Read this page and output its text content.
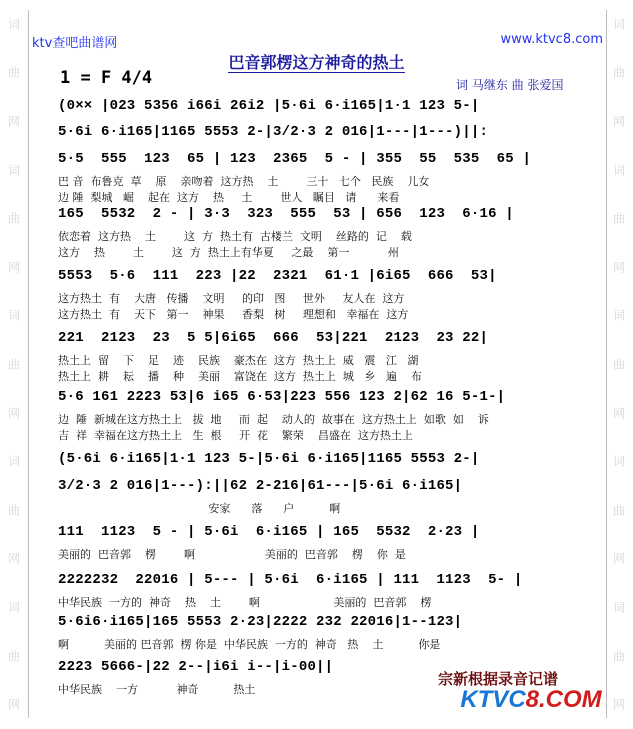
词
曲
网
词
曲
网
词
曲
网
词
曲
网
词
曲
网
词
曲
网
词
曲
网
词
曲
网
词
曲
网
词
曲
网
ktv查吧曲谱网	www.ktvc8.com
巴音郭楞这方神奇的热土
1 = F 4/4	词 马继东 曲 张爱国
(0×× |023 5356 i66i 26i2 |5·6i 6·i165|1·1 123 5-|
5·6i 6·i165|1165 5553 2-|3/2·3 2 016|1---|1---)||:
5·5  555  123  65 | 123  2365  5 - | 355  55  535  65 |
巴 音  布鲁克  草    原    亲吻着  这方热    土        三十   七个   民族    儿女
边 陲  梨城   崛    起在  这方    热     土        世人   瞩目   请      来看
165  5532  2 - | 3·3  323  555  53 | 656  123  6·16 |
依恋着  这方热    土        这  方  热土有  古楼兰  文明    丝路的  记    载
这方    热        土        这  方  热土上有华夏     之最    第一           州
5553  5·6  111  223 |22  2321  61·1 |6i65  666  53|
这方热土  有    大唐   传播    文明     的印   图     世外     友人在  这方
这方热土  有    天下   第一    神果     香梨   树     理想和   幸福在  这方
221  2123  23  5 5|6i65  666  53|221  2123  23 22|
热土上  留    下    足    迹    民族    豪杰在  这方  热土上  威   震   江   湖
热土上  耕    耘    播    种    美丽    富饶在  这方  热土上  城   乡   遍    布
5·6 161 2223 53|6 i65 6·53|223 556 123 2|62 16 5-1-|
边  陲  新城在这方热土上   拔  地     而  起    动人的  故事在  这方热土上  如歌  如    诉
吉  祥  幸福在这方热土上   生  根     开  花    繁荣    昌盛在  这方热土上
(5·6i 6·i165|1·1 123 5-|5·6i 6·i165|1165 5553 2-|
3/2·3 2 016|1---):||62 2-216|61---|5·6i 6·i165|
安家      落      户          啊
111  1123  5 - | 5·6i  6·i165 | 165  5532  2·23 |
美丽的  巴音郭    楞        啊                    美丽的  巴音郭    楞    你  是
2222232  22016 | 5--- | 5·6i  6·i165 | 111  1123  5- |
中华民族  一方的  神奇    热    土        啊                     美丽的  巴音郭    楞
5·6i6·i165|165 5553 2·23|2222 232 22016|1--123|
啊          美丽的 巴音郭  楞 你是  中华民族  一方的  神奇   热    土          你是
2223 5666-|22 2--|i6i i--|i-00||
中华民族    一方           神奇          热土
宗新根据录音记谱
KTVC8.COM
